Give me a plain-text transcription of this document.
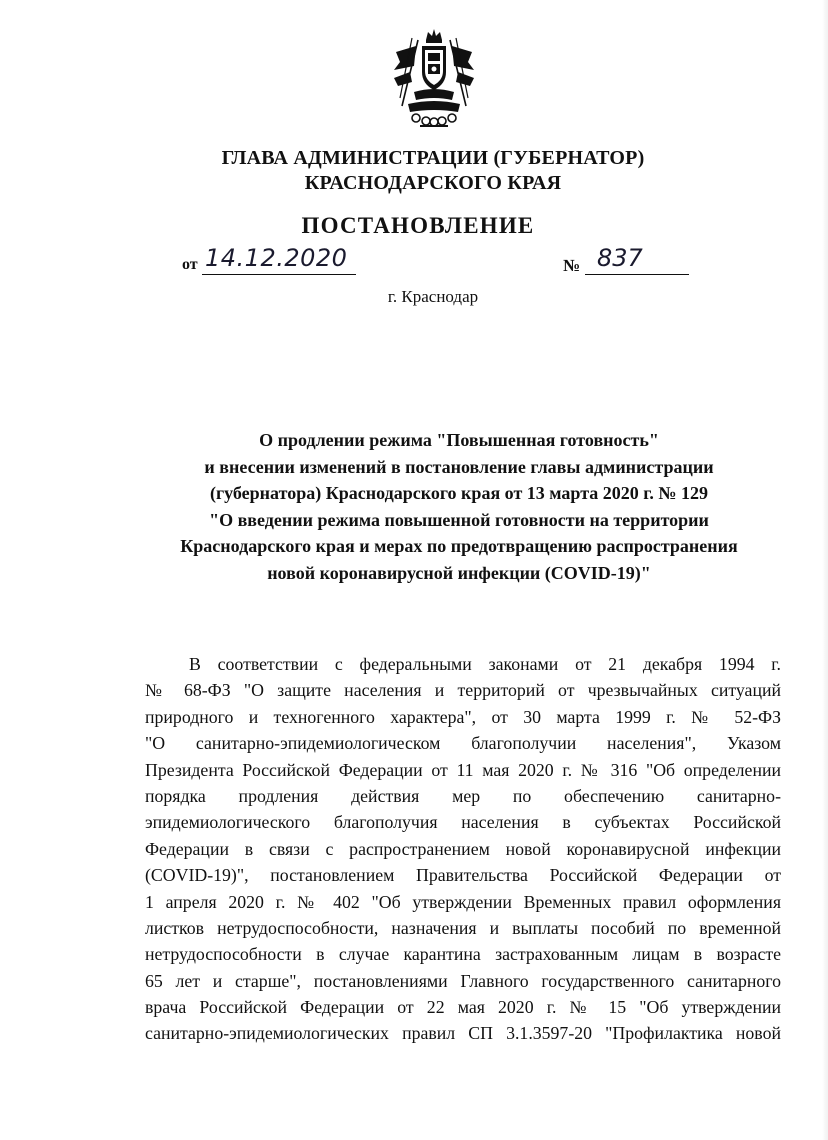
ГЛАВА АДМИНИСТРАЦИИ (ГУБЕРНАТОР)
КРАСНОДАРСКОГО КРАЯ
ПОСТАНОВЛЕНИЕ
от 14.12.2020	№ 837
г. Краснодар
О продлении режима "Повышенная готовность"
и внесении изменений в постановление главы администрации
(губернатора) Краснодарского края от 13 марта 2020 г. № 129
"О введении режима повышенной готовности на территории
Краснодарского края и мерах по предотвращению распространения
новой коронавирусной инфекции (COVID-19)"
В соответствии с федеральными законами от 21 декабря 1994 г.
№ 68-ФЗ "О защите населения и территорий от чрезвычайных ситуаций
природного и техногенного характера", от 30 марта 1999 г. № 52-ФЗ
"О санитарно-эпидемиологическом благополучии населения", Указом
Президента Российской Федерации от 11 мая 2020 г. № 316 "Об определении
порядка продления действия мер по обеспечению санитарно-
эпидемиологического благополучия населения в субъектах Российской
Федерации в связи с распространением новой коронавирусной инфекции
(COVID-19)", постановлением Правительства Российской Федерации от
1 апреля 2020 г. № 402 "Об утверждении Временных правил оформления
листков нетрудоспособности, назначения и выплаты пособий по временной
нетрудоспособности в случае карантина застрахованным лицам в возрасте
65 лет и старше", постановлениями Главного государственного санитарного
врача Российской Федерации от 22 мая 2020 г. № 15 "Об утверждении
санитарно-эпидемиологических правил СП 3.1.3597-20 "Профилактика новой
